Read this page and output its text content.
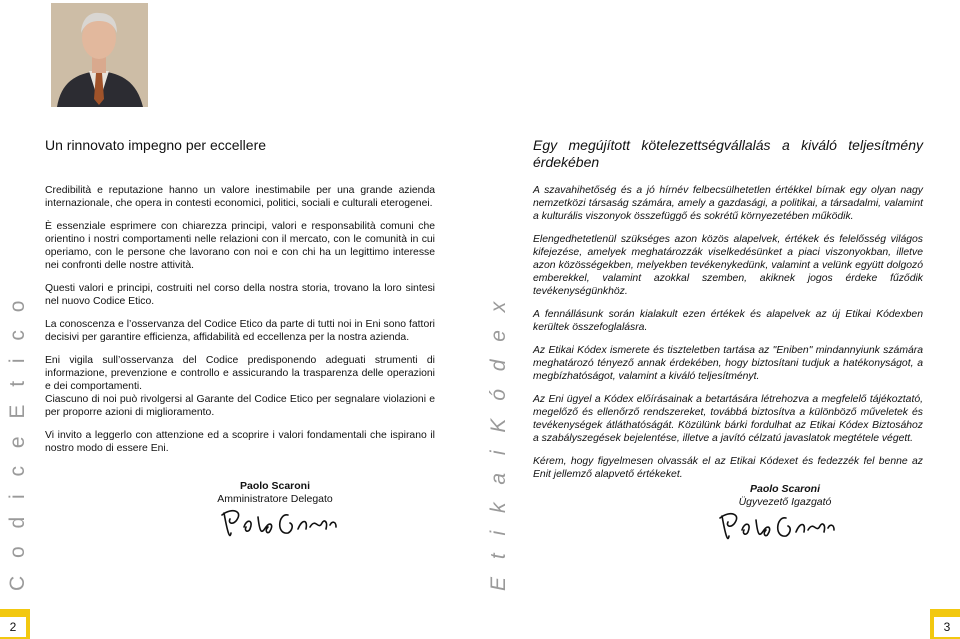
C o d i c e E t i c o	E t i k a i K ó d e x
2	3
Un rinnovato impegno per eccellere	Egy megújított kötelezettségvállalás a kiváló teljesítmény érdekében

Credibilità e reputazione hanno un valore inestimabile per una grande azienda internazionale, che opera in contesti economici, politici, sociali e culturali eterogenei.

È essenziale esprimere con chiarezza principi, valori e responsabilità comuni che orientino i nostri comportamenti nelle relazioni con il mercato, con le comunità in cui operiamo, con le persone che lavorano con noi e con chi ha un legittimo interesse nei confronti delle nostre attività.

Questi valori e principi, costruiti nel corso della nostra storia, trovano la loro sintesi nel nuovo Codice Etico.

La conoscenza e l’osservanza del Codice Etico da parte di tutti noi in Eni sono fattori decisivi per garantire efficienza, affidabilità ed eccellenza per la nostra azienda.

Eni vigila sull’osservanza del Codice predisponendo adeguati strumenti di informazione, prevenzione e controllo e assicurando la trasparenza delle operazioni e dei comportamenti.
Ciascuno di noi può rivolgersi al Garante del Codice Etico per segnalare violazioni e per proporre azioni di miglioramento.

Vi invito a leggerlo con attenzione ed a scoprire i valori fondamentali che ispirano il nostro modo di essere Eni.

A szavahihetőség és a jó hírnév felbecsülhetetlen értékkel bírnak egy olyan nagy nemzetközi társaság számára, amely a gazdasági, a politikai, a társadalmi, valamint a kulturális viszonyok összefüggő és sokrétű környezetében működik.

Elengedhetetlenül szükséges azon közös alapelvek, értékek és felelősség világos kifejezése, amelyek meghatározzák viselkedésünket a piaci viszonyokban, illetve azon közösségekben, melyekben tevékenykedünk, valamint a velünk együtt dolgozó emberekkel, valamint azokkal szemben, akiknek jogos érdeke fűződik tevékenységünkhöz.

A fennállásunk során kialakult ezen értékek és alapelvek az új Etikai Kódexben kerültek összefoglalásra.

Az Etikai Kódex ismerete és tiszteletben tartása az "Eniben" mindannyiunk számára meghatározó tényező annak érdekében, hogy biztosítani tudjuk a hatékonyságot, a megbízhatóságot, valamint a kiváló teljesítményt.

Az Eni ügyel a Kódex előírásainak a betartására létrehozva a megfelelő tájékoztató, megelőző és ellenőrző rendszereket, továbbá biztosítva a különböző műveletek és tevékenységek átláthatóságát. Közülünk bárki fordulhat az Etikai Kódex Biztosához a szabályszegések bejelentése, illetve a javító célzatú javaslatok megtétele végett.

Kérem, hogy figyelmesen olvassák el az Etikai Kódexet és fedezzék fel benne az Enit jellemző alapvető értékeket.

Paolo Scaroni
Amministratore Delegato
Paolo Scaroni
Ügyvezető Igazgató
